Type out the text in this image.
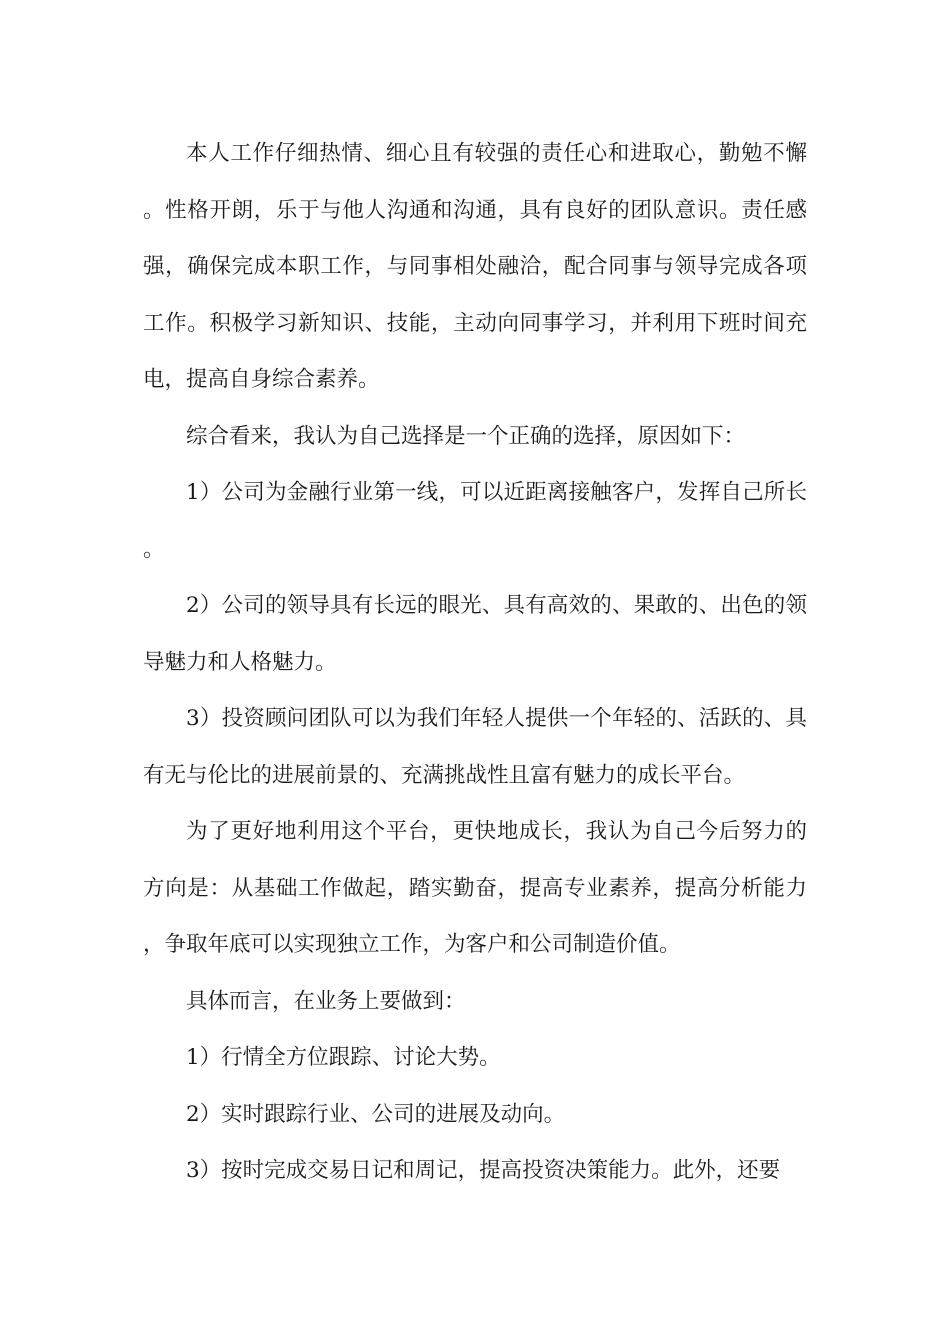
本人工作仔细热情、细心且有较强的责任心和进取心，勤勉不懈。性格开朗，乐于与他人沟通和沟通，具有良好的团队意识。责任感强，确保完成本职工作，与同事相处融洽，配合同事与领导完成各项工作。积极学习新知识、技能，主动向同事学习，并利用下班时间充电，提高自身综合素养。

综合看来，我认为自己选择是一个正确的选择，原因如下：

1）公司为金融行业第一线，可以近距离接触客户，发挥自己所长。

2）公司的领导具有长远的眼光、具有高效的、果敢的、出色的领导魅力和人格魅力。

3）投资顾问团队可以为我们年轻人提供一个年轻的、活跃的、具有无与伦比的进展前景的、充满挑战性且富有魅力的成长平台。

为了更好地利用这个平台，更快地成长，我认为自己今后努力的方向是：从基础工作做起，踏实勤奋，提高专业素养，提高分析能力，争取年底可以实现独立工作，为客户和公司制造价值。

具体而言，在业务上要做到：

1）行情全方位跟踪、讨论大势。

2）实时跟踪行业、公司的进展及动向。

3）按时完成交易日记和周记，提高投资决策能力。此外，还要
